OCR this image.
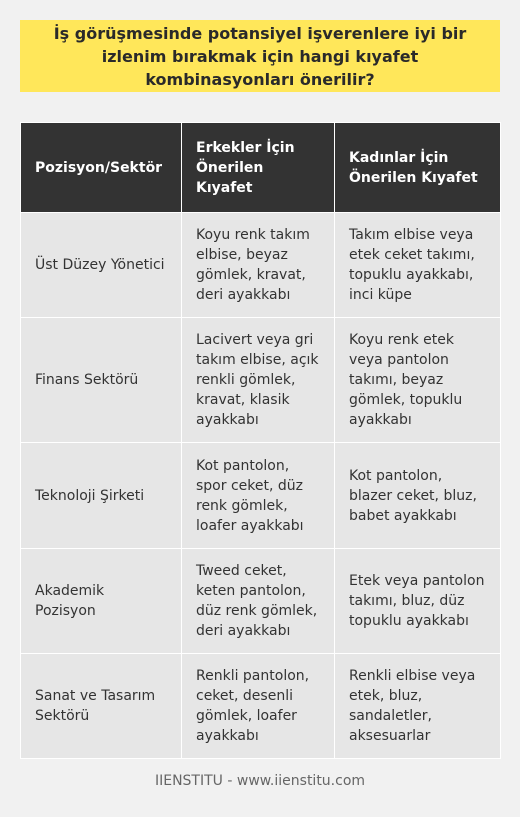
İş görüşmesinde potansiyel işverenlere iyi bir izlenim bırakmak için hangi kıyafet kombinasyonları önerilir?
Pozisyon/Sektör	Erkekler İçin Önerilen Kıyafet	Kadınlar İçin Önerilen Kıyafet
Üst Düzey Yönetici	Koyu renk takım elbise, beyaz gömlek, kravat, deri ayakkabı	Takım elbise veya etek ceket takımı, topuklu ayakkabı, inci küpe
Finans Sektörü	Lacivert veya gri takım elbise, açık renkli gömlek, kravat, klasik ayakkabı	Koyu renk etek veya pantolon takımı, beyaz gömlek, topuklu ayakkabı
Teknoloji Şirketi	Kot pantolon, spor ceket, düz renk gömlek, loafer ayakkabı	Kot pantolon, blazer ceket, bluz, babet ayakkabı
Akademik Pozisyon	Tweed ceket, keten pantolon, düz renk gömlek, deri ayakkabı	Etek veya pantolon takımı, bluz, düz topuklu ayakkabı
Sanat ve Tasarım Sektörü	Renkli pantolon, ceket, desenli gömlek, loafer ayakkabı	Renkli elbise veya etek, bluz, sandaletler, aksesuarlar
IIENSTITU - www.iienstitu.com
